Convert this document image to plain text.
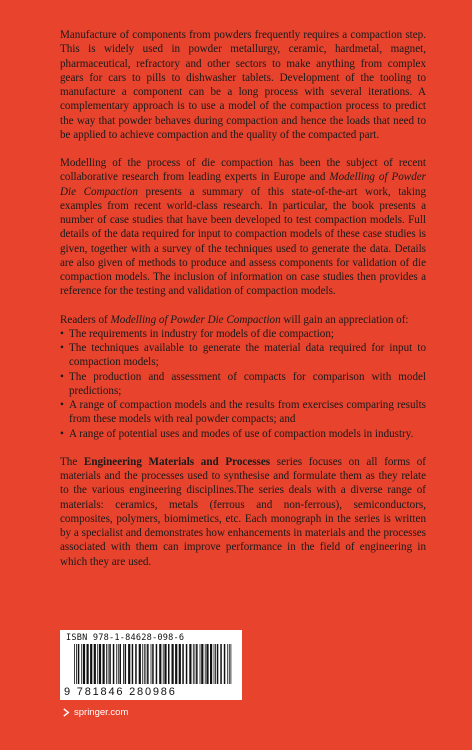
Manufacture of components from powders frequently requires a compaction step. This is widely used in powder metallurgy, ceramic, hardmetal, magnet, pharmaceutical, refractory and other sectors to make anything from complex gears for cars to pills to dishwasher tablets. Development of the tooling to manufacture a component can be a long process with several iterations. A complementary approach is to use a model of the compaction process to predict the way that powder behaves during compaction and hence the loads that need to be applied to achieve compaction and the quality of the compacted part.

Modelling of the process of die compaction has been the subject of recent collaborative research from leading experts in Europe and Modelling of Powder Die Compaction presents a summary of this state-of-the-art work, taking examples from recent world-class research. In particular, the book presents a number of case studies that have been developed to test compaction models. Full details of the data required for input to compaction models of these case studies is given, together with a survey of the techniques used to generate the data. Details are also given of methods to produce and assess components for validation of die compaction models. The inclusion of information on case studies then provides a reference for the testing and validation of compaction models.

Readers of Modelling of Powder Die Compaction will gain an appreciation of:

• The requirements in industry for models of die compaction;
• The techniques available to generate the material data required for input to compaction models;
• The production and assessment of compacts for comparison with model predictions;
• A range of compaction models and the results from exercises comparing results from these models with real powder compacts; and
• A range of potential uses and modes of use of compaction models in industry.

The Engineering Materials and Processes series focuses on all forms of materials and the processes used to synthesise and formulate them as they relate to the various engineering disciplines.The series deals with a diverse range of materials: ceramics, metals (ferrous and non-ferrous), semiconductors, composites, polymers, biomimetics, etc. Each monograph in the series is written by a specialist and demonstrates how enhancements in materials and the processes associated with them can improve performance in the field of engineering in which they are used.

ISBN 978-1-84628-098-6
9 781846 280986
springer.com
